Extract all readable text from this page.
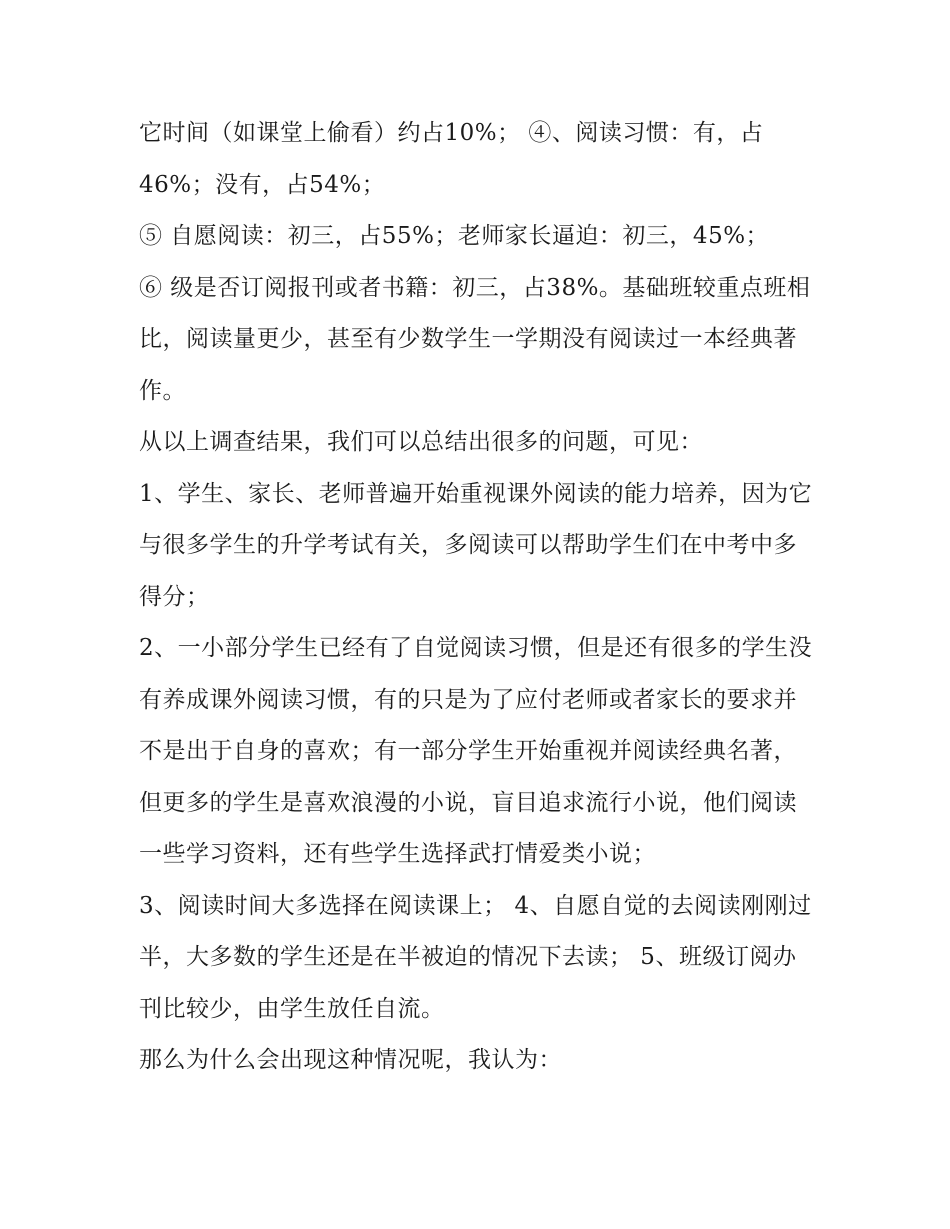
它时间（如课堂上偷看）约占10%； ④、阅读习惯：有，占46%；没有，占54%；

⑤ 自愿阅读：初三，占55%；老师家长逼迫：初三，45%；

⑥ 级是否订阅报刊或者书籍：初三，占38%。基础班较重点班相比，阅读量更少，甚至有少数学生一学期没有阅读过一本经典著作。

从以上调查结果，我们可以总结出很多的问题，可见：

1、学生、家长、老师普遍开始重视课外阅读的能力培养，因为它与很多学生的升学考试有关，多阅读可以帮助学生们在中考中多得分；

2、一小部分学生已经有了自觉阅读习惯，但是还有很多的学生没有养成课外阅读习惯，有的只是为了应付老师或者家长的要求并不是出于自身的喜欢；有一部分学生开始重视并阅读经典名著，但更多的学生是喜欢浪漫的小说，盲目追求流行小说，他们阅读一些学习资料，还有些学生选择武打情爱类小说；

3、阅读时间大多选择在阅读课上； 4、自愿自觉的去阅读刚刚过半，大多数的学生还是在半被迫的情况下去读； 5、班级订阅办刊比较少，由学生放任自流。

那么为什么会出现这种情况呢，我认为：
